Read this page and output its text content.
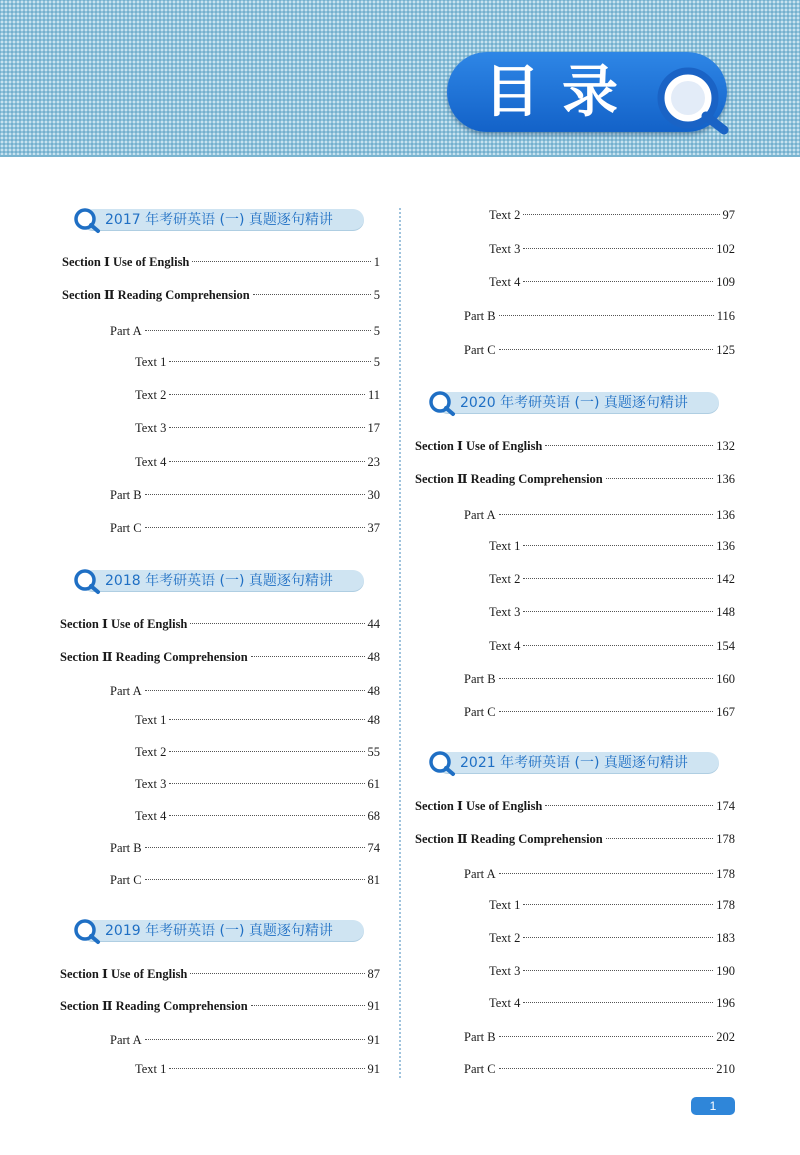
目录
2017 年考研英语 (一) 真题逐句精讲
Section Ⅰ Use of English	1
Section Ⅱ Reading Comprehension	5
Part A	5
Text 1	5
Text 2	11
Text 3	17
Text 4	23
Part B	30
Part C	37
2018 年考研英语 (一) 真题逐句精讲
Section Ⅰ Use of English	44
Section Ⅱ Reading Comprehension	48
Part A	48
Text 1	48
Text 2	55
Text 3	61
Text 4	68
Part B	74
Part C	81
2019 年考研英语 (一) 真题逐句精讲
Section Ⅰ Use of English	87
Section Ⅱ Reading Comprehension	91
Part A	91
Text 1	91
Text 2	97
Text 3	102
Text 4	109
Part B	116
Part C	125
2020 年考研英语 (一) 真题逐句精讲
Section Ⅰ Use of English	132
Section Ⅱ Reading Comprehension	136
Part A	136
Text 1	136
Text 2	142
Text 3	148
Text 4	154
Part B	160
Part C	167
2021 年考研英语 (一) 真题逐句精讲
Section Ⅰ Use of English	174
Section Ⅱ Reading Comprehension	178
Part A	178
Text 1	178
Text 2	183
Text 3	190
Text 4	196
Part B	202
Part C	210
1
